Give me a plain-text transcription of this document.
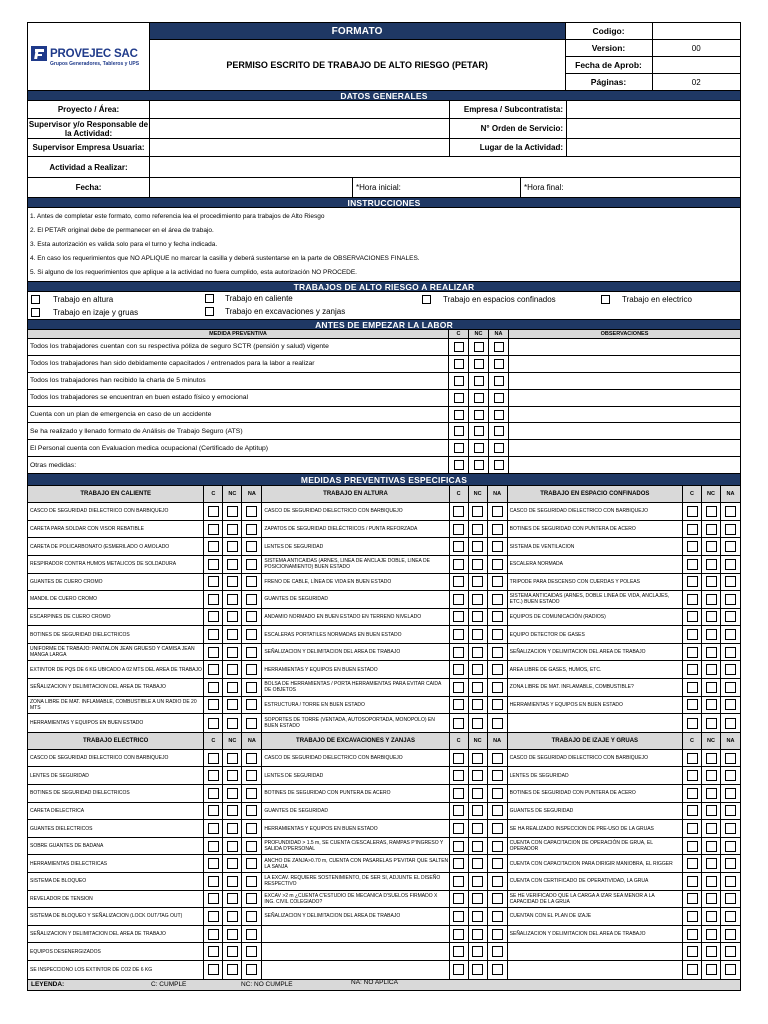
PROVEJEC SAC
Grupos Generadores, Tableros y UPS
FORMATO
PERMISO ESCRITO DE TRABAJO DE ALTO RIESGO (PETAR)
Codigo:
Version:	00
Fecha de Aprob:
Páginas:	02
DATOS GENERALES
Proyecto / Área:	Empresa / Subcontratista:
Supervisor y/o Responsable de la Actividad:	N° Orden de Servicio:
Supervisor Empresa Usuaria:	Lugar de la Actividad:
Actividad a Realizar:
Fecha:	*Hora inicial:	*Hora final:
INSTRUCCIONES
1. Antes de completar este formato, como referencia lea el procedimiento para trabajos de Alto Riesgo
2. El PETAR original debe de permanecer en el área de trabajo.
3. Esta autorización es valida solo para el turno y fecha indicada.
4. En caso los requerimientos que NO APLIQUE no marcar la casilla y deberá sustentarse en la parte de OBSERVACIONES FINALES.
5. Si alguno de los requerimientos que aplique a la actividad no fuera cumplido, esta autorización NO PROCEDE.
TRABAJOS DE ALTO RIESGO A REALIZAR
Trabajo en altura	Trabajo en caliente	Trabajo en espacios confinados	Trabajo en electrico
Trabajo en izaje y gruas	Trabajo en excavaciones y zanjas
ANTES DE EMPEZAR LA LABOR
MEDIDA PREVENTIVA	C	NC	NA	OBSERVACIONES
Todos los trabajadores cuentan con su respectiva póliza de seguro SCTR (pensión y salud) vigente
Todos los trabajadores han sido debidamente capacitados / entrenados para la labor a realizar
Todos los trabajadores han recibido la charla de 5 minutos
Todos los trabajadores se encuentran en buen estado físico y emocional
Cuenta con un plan de emergencia en caso de un accidente
Se ha realizado y llenado formato de Análisis de Trabajo Seguro (ATS)
El Personal cuenta con Evaluacion medica ocupacional (Certificado de Aptitup)
Otras medidas:
MEDIDAS PREVENTIVAS ESPECIFICAS
TRABAJO EN CALIENTE	C	NC	NA
CASCO DE SEGURIDAD DIELECTRICO CON BARBIQUEJO
CARETA PARA SOLDAR CON VISOR REBATIBLE
CARETA DE POLICARBONATO (ESMERILADO O AMOLADO
RESPIRADOR CONTRA HUMOS METALICOS DE SOLDADURA
GUANTES DE CUERO CROMO
MANDIL DE CUERO CROMO
ESCARPINES DE CUERO CROMO
BOTINES DE SEGURIDAD DIELECTRICOS
UNIFORME DE TRABAJO: PANTALON JEAN GRUESO Y CAMISA JEAN MANGA LARGA
EXTINTOR DE PQS DE 6 KG UBICADO A 02 MTS DEL AREA DE TRABAJO
SEÑALIZACION Y DELIMITACION DEL AREA DE TRABAJO
ZONA LIBRE DE MAT. INFLAMABLE, COMBUSTIBLE A UN RADIO DE 20 MTS
HERRAMIENTAS Y EQUIPOS EN BUEN ESTADO
TRABAJO EN ALTURA	C	NC	NA
CASCO DE SEGURIDAD DIELECTRICO CON BARBIQUEJO
ZAPATOS DE SEGURIDAD DIELÉCTRICOS / PUNTA REFORZADA
LENTES DE SEGURIDAD
SISTEMA ANTICAIDAS (ARNES, LINEA DE ANCLAJE DOBLE, LINEA DE POSICIONAMIENTO) BUEN ESTADO
FRENO DE CABLE, LÍNEA DE VIDA EN BUEN ESTADO
GUANTES DE SEGURIDAD
ANDAMIO NORMADO EN BUEN ESTADO EN TERRENO NIVELADO
ESCALERAS PORTATILES NORMADAS EN BUEN ESTADO
SEÑALIZACION Y DELIMITACION DEL AREA DE TRABAJO
HERRAMIENTAS Y EQUIPOS EN BUEN ESTADO
BOLSA DE HERRAMIENTAS / PORTA HERRAMIENTAS PARA EVITAR CAIDA DE OBJETOS
ESTRUCTURA / TORRE EN BUEN ESTADO
SOPORTES DE TORRE (VENTADA, AUTOSOPORTADA, MONOPOLO) EN BUEN ESTADO
TRABAJO EN ESPACIO CONFINADOS	C	NC	NA
CASCO DE SEGURIDAD DIELECTRICO CON BARBIQUEJO
BOTINES DE SEGURIDAD CON PUNTERA DE ACERO
SISTEMA DE VENTILACION
ESCALERA NORMADA
TRIPODE PARA DESCENSO CON CUERDAS Y POLEAS
SISTEMA ANTICAIDAS (ARNES, DOBLE LINEA DE VIDA, ANCLAJES, ETC.) BUEN ESTADO
EQUIPOS DE COMUNICACIÓN (RADIOS)
EQUIPO DETECTOR DE GASES
SEÑALIZACION Y DELIMITACION DEL AREA DE TRABAJO
AREA LIBRE DE GASES, HUMOS, ETC.
ZONA LIBRE DE MAT. INFLAMABLE, COMBUSTIBLE?
HERRAMIENTAS Y EQUIPOS EN BUEN ESTADO
TRABAJO ELECTRICO	C	NC	NA
CASCO DE SEGURIDAD DIELECTRICO CON BARBIQUEJO
LENTES DE SEGURIDAD
BOTINES DE SEGURIDAD DIELECTRICOS
CARETA DIELECTRICA
GUANTES DIELECTRICOS
SOBRE GUANTES DE BADANA
HERRAMIENTAS DIELECTRICAS
SISTEMA DE BLOQUEO
REVELADOR DE TENSION
SISTEMA DE BLOQUEO Y SEÑALIZACION (LOCK OUT/TAG OUT)
SEÑALIZACION Y DELIMITACION DEL AREA DE TRABAJO
EQUIPOS DESENERGIZADOS
SE INSPECCIONO LOS EXTINTOR DE CO2 DE 6 KG
TRABAJO DE EXCAVACIONES Y ZANJAS	C	NC	NA
CASCO DE SEGURIDAD DIELECTRICO CON BARBIQUEJO
LENTES DE SEGURIDAD
BOTINES DE SEGURIDAD CON PUNTERA DE ACERO
GUANTES DE SEGURIDAD
HERRAMIENTAS Y EQUIPOS EN BUEN ESTADO
PROFUNDIDAD > 1.5 m, SE CUENTA C/ESCALERAS, RAMPAS P'INGRESO Y SALIDA D'PERSONAL
ANCHO DE ZANJA>0.70 m, CUENTA CON PASARELAS P'EVITAR QUE SALTEN LA SANJA
LA EXCAV. REQUIERE SOSTENIMIENTO, DE SER SI, ADJUNTE EL DISEÑO RESPECTIVO
EXCAV >2 m ¿CUENTA C'ESTUDIO DE MECANICA D'SUELOS FIRMADO X ING. CIVIL COLEGIADO?
SEÑALIZACION Y DELIMITACION DEL AREA DE TRABAJO
TRABAJO DE IZAJE Y GRUAS	C	NC	NA
CASCO DE SEGURIDAD DIELECTRICO CON BARBIQUEJO
LENTES DE SEGURIDAD
BOTINES DE SEGURIDAD CON PUNTERA DE ACERO
GUANTES DE SEGURIDAD
SE HA REALIZADO INSPECCION DE PRE-USO DE LA GRUAS
CUENTA CON CAPACITACION DE OPERACIÓN DE GRUA, EL OPERADOR
CUENTA CON CAPACITACION PARA DIRIGIR MANIOBRA, EL RIGGER
CUENTA CON CERTIFICADO DE OPERATIVIDAD, LA GRUA
SE HE VERIFICADO QUE LA CARGA A IZAR SEA MENOR A LA CAPACIDAD DE LA GRUA
CUENTAN CON EL PLAN DE IZAJE
SEÑALIZACION Y DELIMITACION DEL AREA DE TRABAJO
LEYENDA:	C: CUMPLE	NC: NO CUMPLE	NA: NO APLICA
